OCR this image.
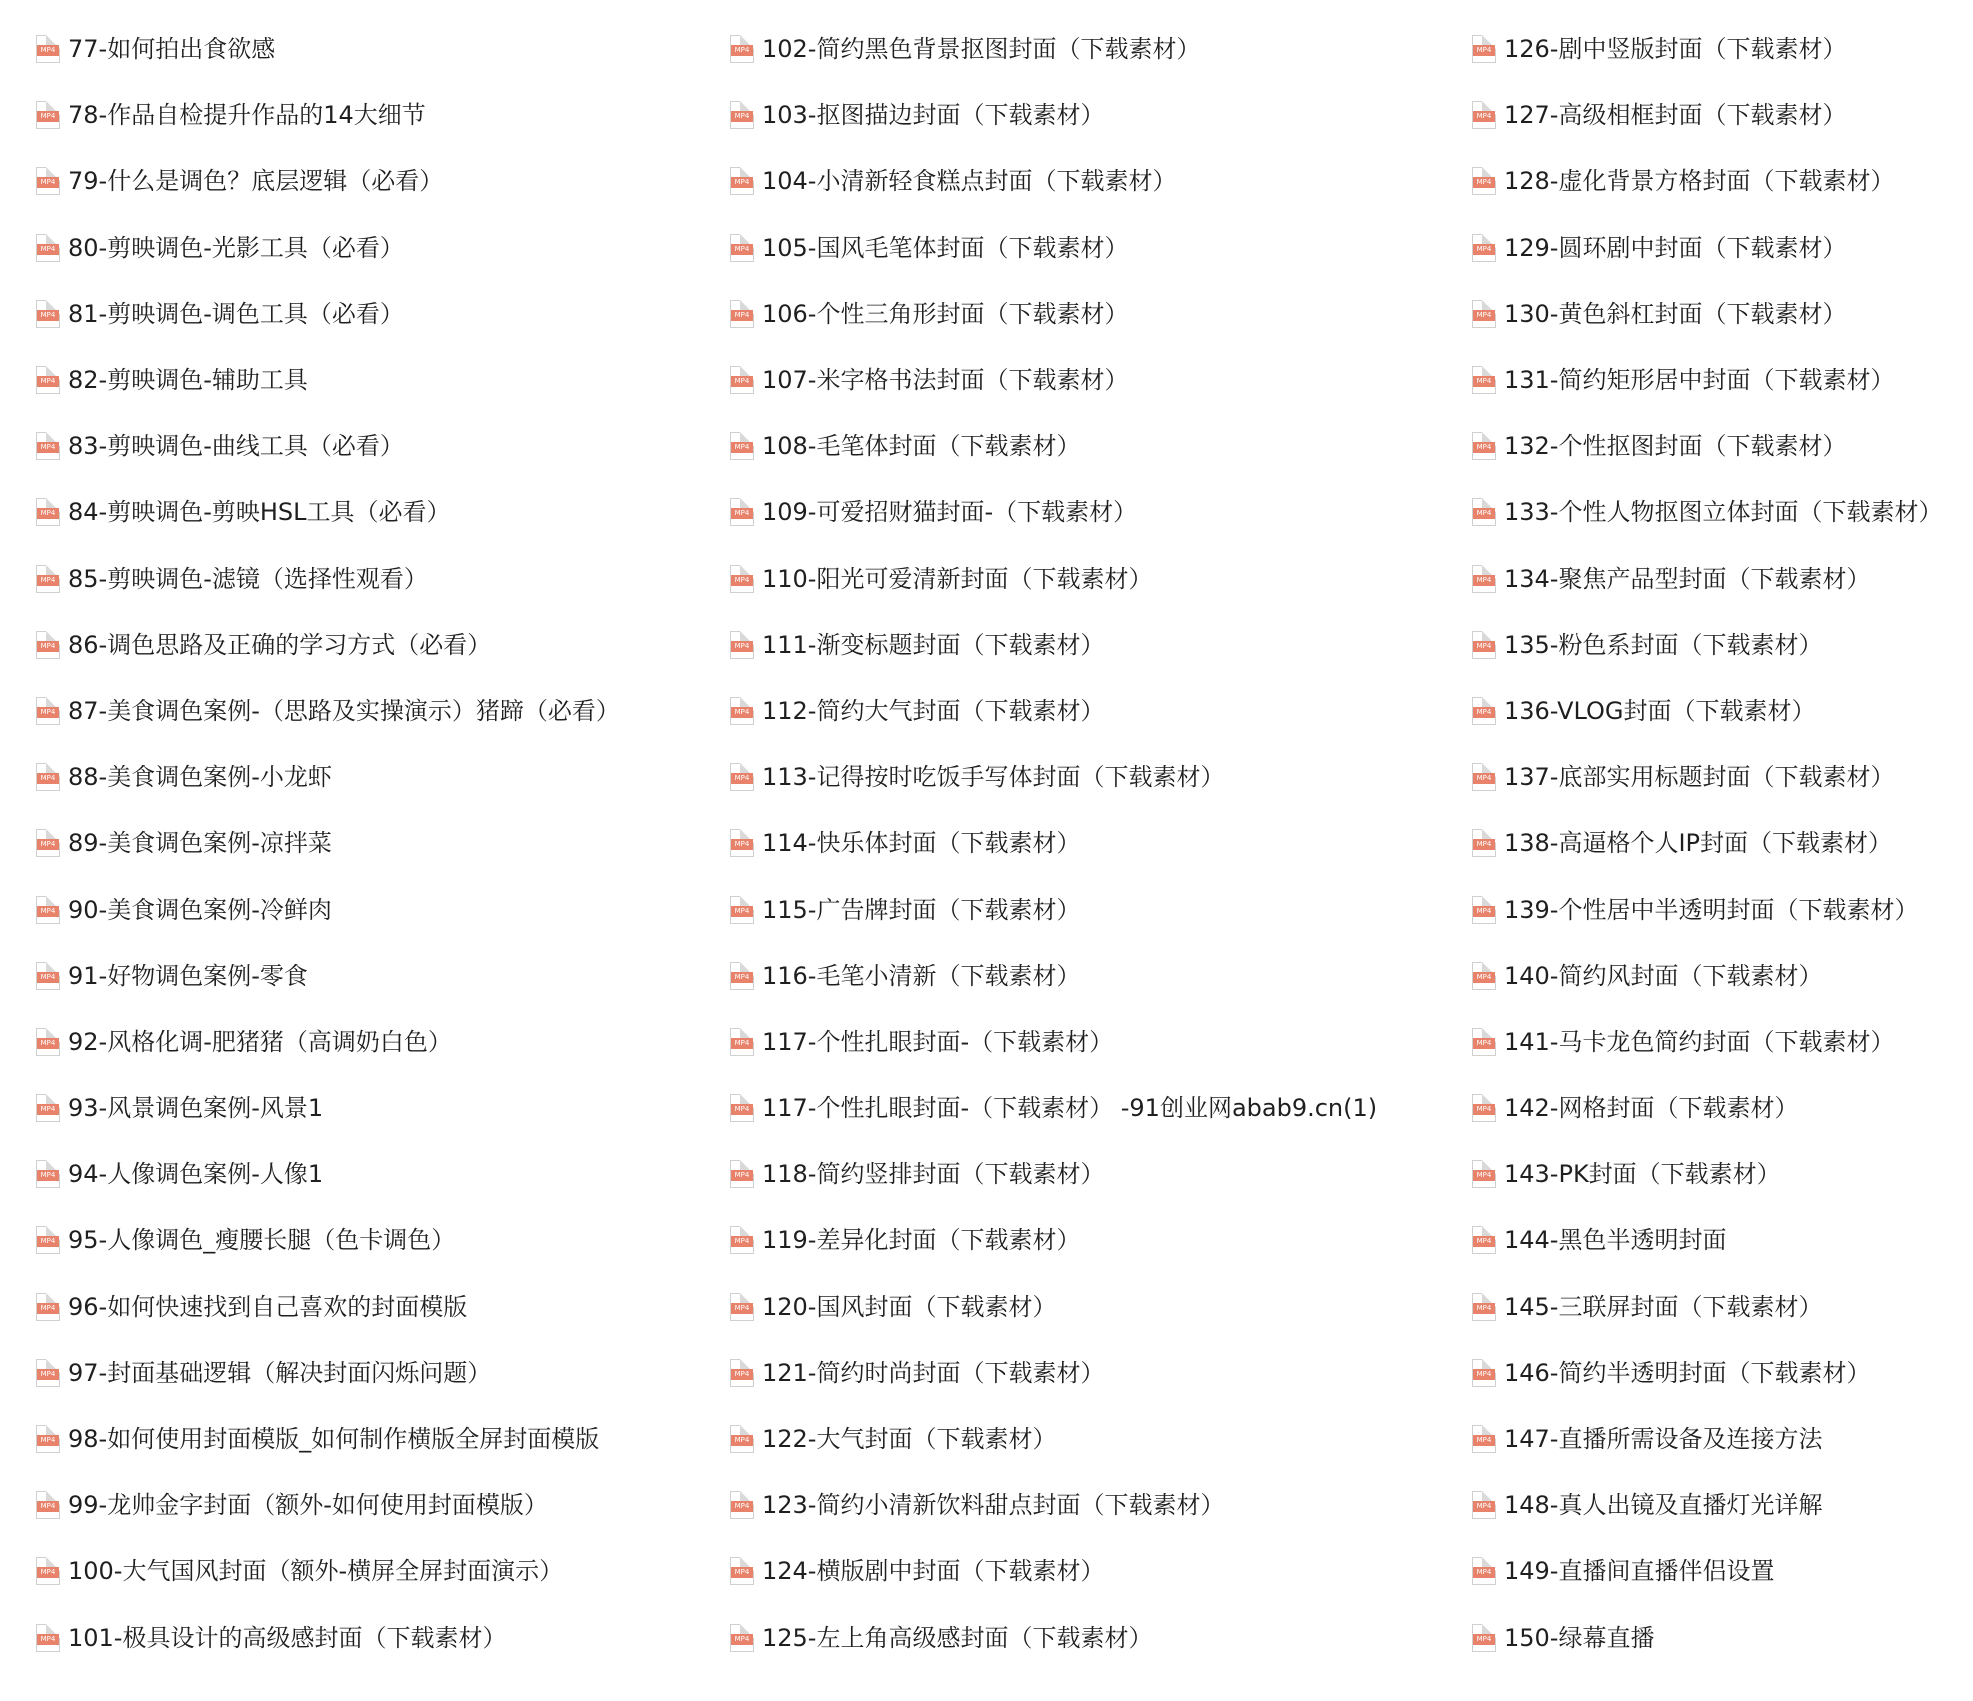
MP4 77-如何拍出食欲感
MP4 78-作品自检提升作品的14大细节
MP4 79-什么是调色？底层逻辑（必看）
MP4 80-剪映调色-光影工具（必看）
MP4 81-剪映调色-调色工具（必看）
MP4 82-剪映调色-辅助工具
MP4 83-剪映调色-曲线工具（必看）
MP4 84-剪映调色-剪映HSL工具（必看）
MP4 85-剪映调色-滤镜（选择性观看）
MP4 86-调色思路及正确的学习方式（必看）
MP4 87-美食调色案例-（思路及实操演示）猪蹄（必看）
MP4 88-美食调色案例-小龙虾
MP4 89-美食调色案例-凉拌菜
MP4 90-美食调色案例-冷鲜肉
MP4 91-好物调色案例-零食
MP4 92-风格化调-肥猪猪（高调奶白色）
MP4 93-风景调色案例-风景1
MP4 94-人像调色案例-人像1
MP4 95-人像调色_瘦腰长腿（色卡调色）
MP4 96-如何快速找到自己喜欢的封面模版
MP4 97-封面基础逻辑（解决封面闪烁问题）
MP4 98-如何使用封面模版_如何制作横版全屏封面模版
MP4 99-龙帅金字封面（额外-如何使用封面模版）
MP4 100-大气国风封面（额外-横屏全屏封面演示）
MP4 101-极具设计的高级感封面（下载素材）
MP4 102-简约黑色背景抠图封面（下载素材）
MP4 103-抠图描边封面（下载素材）
MP4 104-小清新轻食糕点封面（下载素材）
MP4 105-国风毛笔体封面（下载素材）
MP4 106-个性三角形封面（下载素材）
MP4 107-米字格书法封面（下载素材）
MP4 108-毛笔体封面（下载素材）
MP4 109-可爱招财猫封面-（下载素材）
MP4 110-阳光可爱清新封面（下载素材）
MP4 111-渐变标题封面（下载素材）
MP4 112-简约大气封面（下载素材）
MP4 113-记得按时吃饭手写体封面（下载素材）
MP4 114-快乐体封面（下载素材）
MP4 115-广告牌封面（下载素材）
MP4 116-毛笔小清新（下载素材）
MP4 117-个性扎眼封面-（下载素材）
MP4 117-个性扎眼封面-（下载素材） -91创业网abab9.cn(1)
MP4 118-简约竖排封面（下载素材）
MP4 119-差异化封面（下载素材）
MP4 120-国风封面（下载素材）
MP4 121-简约时尚封面（下载素材）
MP4 122-大气封面（下载素材）
MP4 123-简约小清新饮料甜点封面（下载素材）
MP4 124-横版剧中封面（下载素材）
MP4 125-左上角高级感封面（下载素材）
MP4 126-剧中竖版封面（下载素材）
MP4 127-高级相框封面（下载素材）
MP4 128-虚化背景方格封面（下载素材）
MP4 129-圆环剧中封面（下载素材）
MP4 130-黄色斜杠封面（下载素材）
MP4 131-简约矩形居中封面（下载素材）
MP4 132-个性抠图封面（下载素材）
MP4 133-个性人物抠图立体封面（下载素材）
MP4 134-聚焦产品型封面（下载素材）
MP4 135-粉色系封面（下载素材）
MP4 136-VLOG封面（下载素材）
MP4 137-底部实用标题封面（下载素材）
MP4 138-高逼格个人IP封面（下载素材）
MP4 139-个性居中半透明封面（下载素材）
MP4 140-简约风封面（下载素材）
MP4 141-马卡龙色简约封面（下载素材）
MP4 142-网格封面（下载素材）
MP4 143-PK封面（下载素材）
MP4 144-黑色半透明封面
MP4 145-三联屏封面（下载素材）
MP4 146-简约半透明封面（下载素材）
MP4 147-直播所需设备及连接方法
MP4 148-真人出镜及直播灯光详解
MP4 149-直播间直播伴侣设置
MP4 150-绿幕直播
